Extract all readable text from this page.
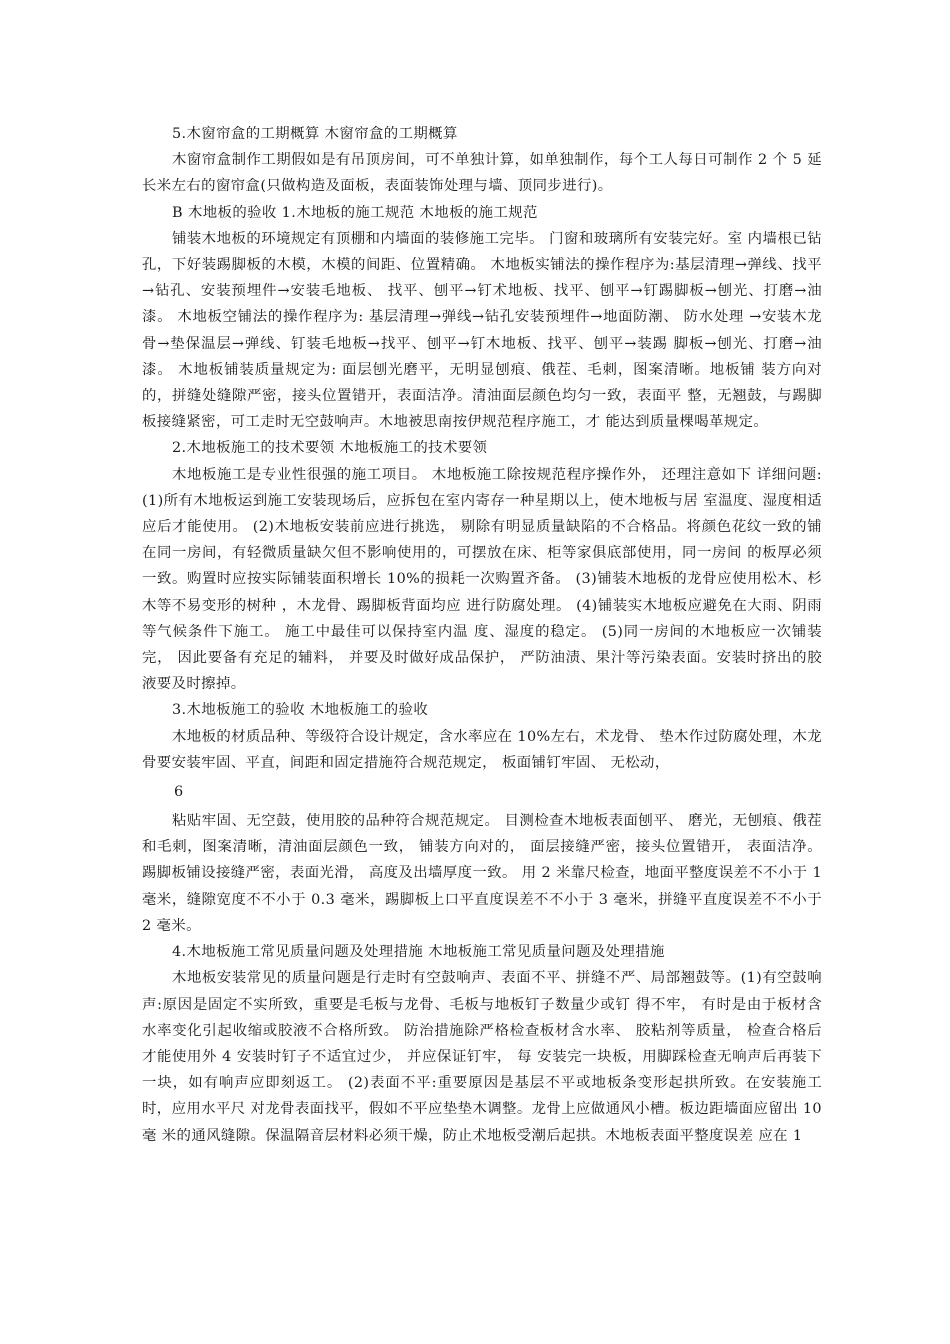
5.木窗帘盒的工期概算 木窗帘盒的工期概算

木窗帘盒制作工期假如是有吊顶房间，可不单独计算，如单独制作，每个工人每日可制作 2 个 5 延长米左右的窗帘盒(只做构造及面板，表面装饰处理与墙、顶同步进行)。

B 木地板的验收 1.木地板的施工规范 木地板的施工规范

铺装木地板的环境规定有顶棚和内墙面的装修施工完毕。 门窗和玻璃所有安装完好。室 内墙根已钻孔，下好装踢脚板的木模，木模的间距、位置精确。 木地板实铺法的操作程序为:基层清理→弹线、找平→钻孔、安装预埋件→安装毛地板、 找平、刨平→钉术地板、找平、刨平→钉踢脚板→刨光、打磨→油漆。 木地板空铺法的操作程序为: 基层清理→弹线→钻孔安装预埋件→地面防潮、 防水处理 →安装木龙骨→垫保温层→弹线、钉装毛地板→找平、刨平→钉木地板、找平、刨平→装踢 脚板→刨光、打磨→油漆。 木地板铺装质量规定为: 面层刨光磨平，无明显刨痕、俄茬、毛刺，图案清晰。地板铺 装方向对的，拼缝处缝隙严密，接头位置错开，表面洁净。清油面层颜色均匀一致，表面平 整，无翘鼓，与踢脚板接缝紧密，可工走时无空鼓响声。木地被思南按伊规范程序施工，才 能达到质量棵喝革规定。

2.木地板施工的技术要领 木地板施工的技术要领

木地板施工是专业性很强的施工项目。 木地板施工除按规范程序操作外， 还理注意如下 详细问题: (1)所有木地板运到施工安装现场后，应拆包在室内寄存一种星期以上，使木地板与居 室温度、湿度相适应后才能使用。 (2)木地板安装前应进行挑选， 剔除有明显质量缺陷的不合格品。将颜色花纹一致的铺 在同一房间，有轻微质量缺欠但不影响使用的，可摆放在床、柜等家俱底部使用，同一房间 的板厚必须一致。购置时应按实际铺装面积增长 10%的损耗一次购置齐备。 (3)铺装木地板的龙骨应使用松木、杉木等不易变形的树种 ，木龙骨、踢脚板背面均应 进行防腐处理。 (4)铺装实木地板应避免在大雨、阴雨等气候条件下施工。 施工中最佳可以保持室内温 度、湿度的稳定。 (5)同一房间的木地板应一次铺装完， 因此要备有充足的辅料， 并要及时做好成品保护， 严防油渍、果汁等污染表面。安装时挤出的胶液要及时擦掉。

3.木地板施工的验收 木地板施工的验收

木地板的材质品种、等级符合设计规定，含水率应在 10%左右，术龙骨、 垫木作过防腐处理，木龙骨要安装牢固、平直，间距和固定措施符合规范规定， 板面铺钉牢固、 无松动，

6

粘贴牢固、无空鼓，使用胶的品种符合规范规定。 目测检查木地板表面刨平、 磨光，无刨痕、俄茬和毛刺，图案清晰，清油面层颜色一致， 铺装方向对的， 面层接缝严密，接头位置错开， 表面洁净。 踢脚板铺设接缝严密，表面光滑， 高度及出墙厚度一致。 用 2 米靠尺检查，地面平整度误差不不小于 1 毫米，缝隙宽度不不小于 0.3 毫米，踢脚板上口平直度误差不不小于 3 毫米，拼缝平直度误差不不小于 2 毫米。

4.木地板施工常见质量问题及处理措施 木地板施工常见质量问题及处理措施

木地板安装常见的质量问题是行走时有空鼓响声、表面不平、拼缝不严、局部翘鼓等。(1)有空鼓响声:原因是固定不实所致，重要是毛板与龙骨、毛板与地板钉子数量少或钉 得不牢， 有时是由于板材含水率变化引起收缩或胶液不合格所致。 防治措施除严格检查板材含水率、 胶粘剂等质量， 检查合格后才能使用外 4 安装时钉子不适宜过少， 并应保证钉牢， 每 安装完一块板，用脚踩检查无响声后再装下一块，如有响声应即刻返工。 (2)表面不平:重要原因是基层不平或地板条变形起拱所致。在安装施工时，应用水平尺 对龙骨表面找平，假如不平应垫垫木调整。龙骨上应做通风小槽。板边距墙面应留出 10 毫 米的通风缝隙。保温隔音层材料必须干燥，防止术地板受潮后起拱。木地板表面平整度误差 应在 1
